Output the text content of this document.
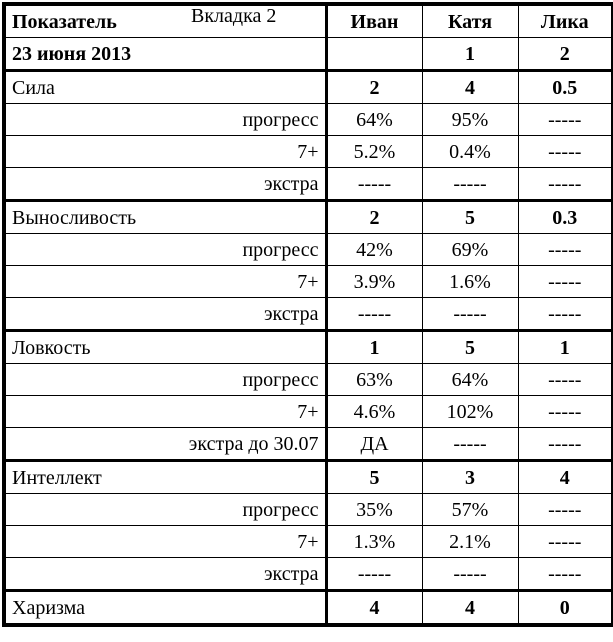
Показатель Вкладка 2	Иван	Катя	Лика
23 июня 2013		1	2
Сила	2	4	0.5
прогресс	64%	95%	-----
7+	5.2%	0.4%	-----
экстра	-----	-----	-----
Выносливость	2	5	0.3
прогресс	42%	69%	-----
7+	3.9%	1.6%	-----
экстра	-----	-----	-----
Ловкость	1	5	1
прогресс	63%	64%	-----
7+	4.6%	102%	-----
экстра до 30.07	ДА	-----	-----
Интеллект	5	3	4
прогресс	35%	57%	-----
7+	1.3%	2.1%	-----
экстра	-----	-----	-----
Харизма	4	4	0
